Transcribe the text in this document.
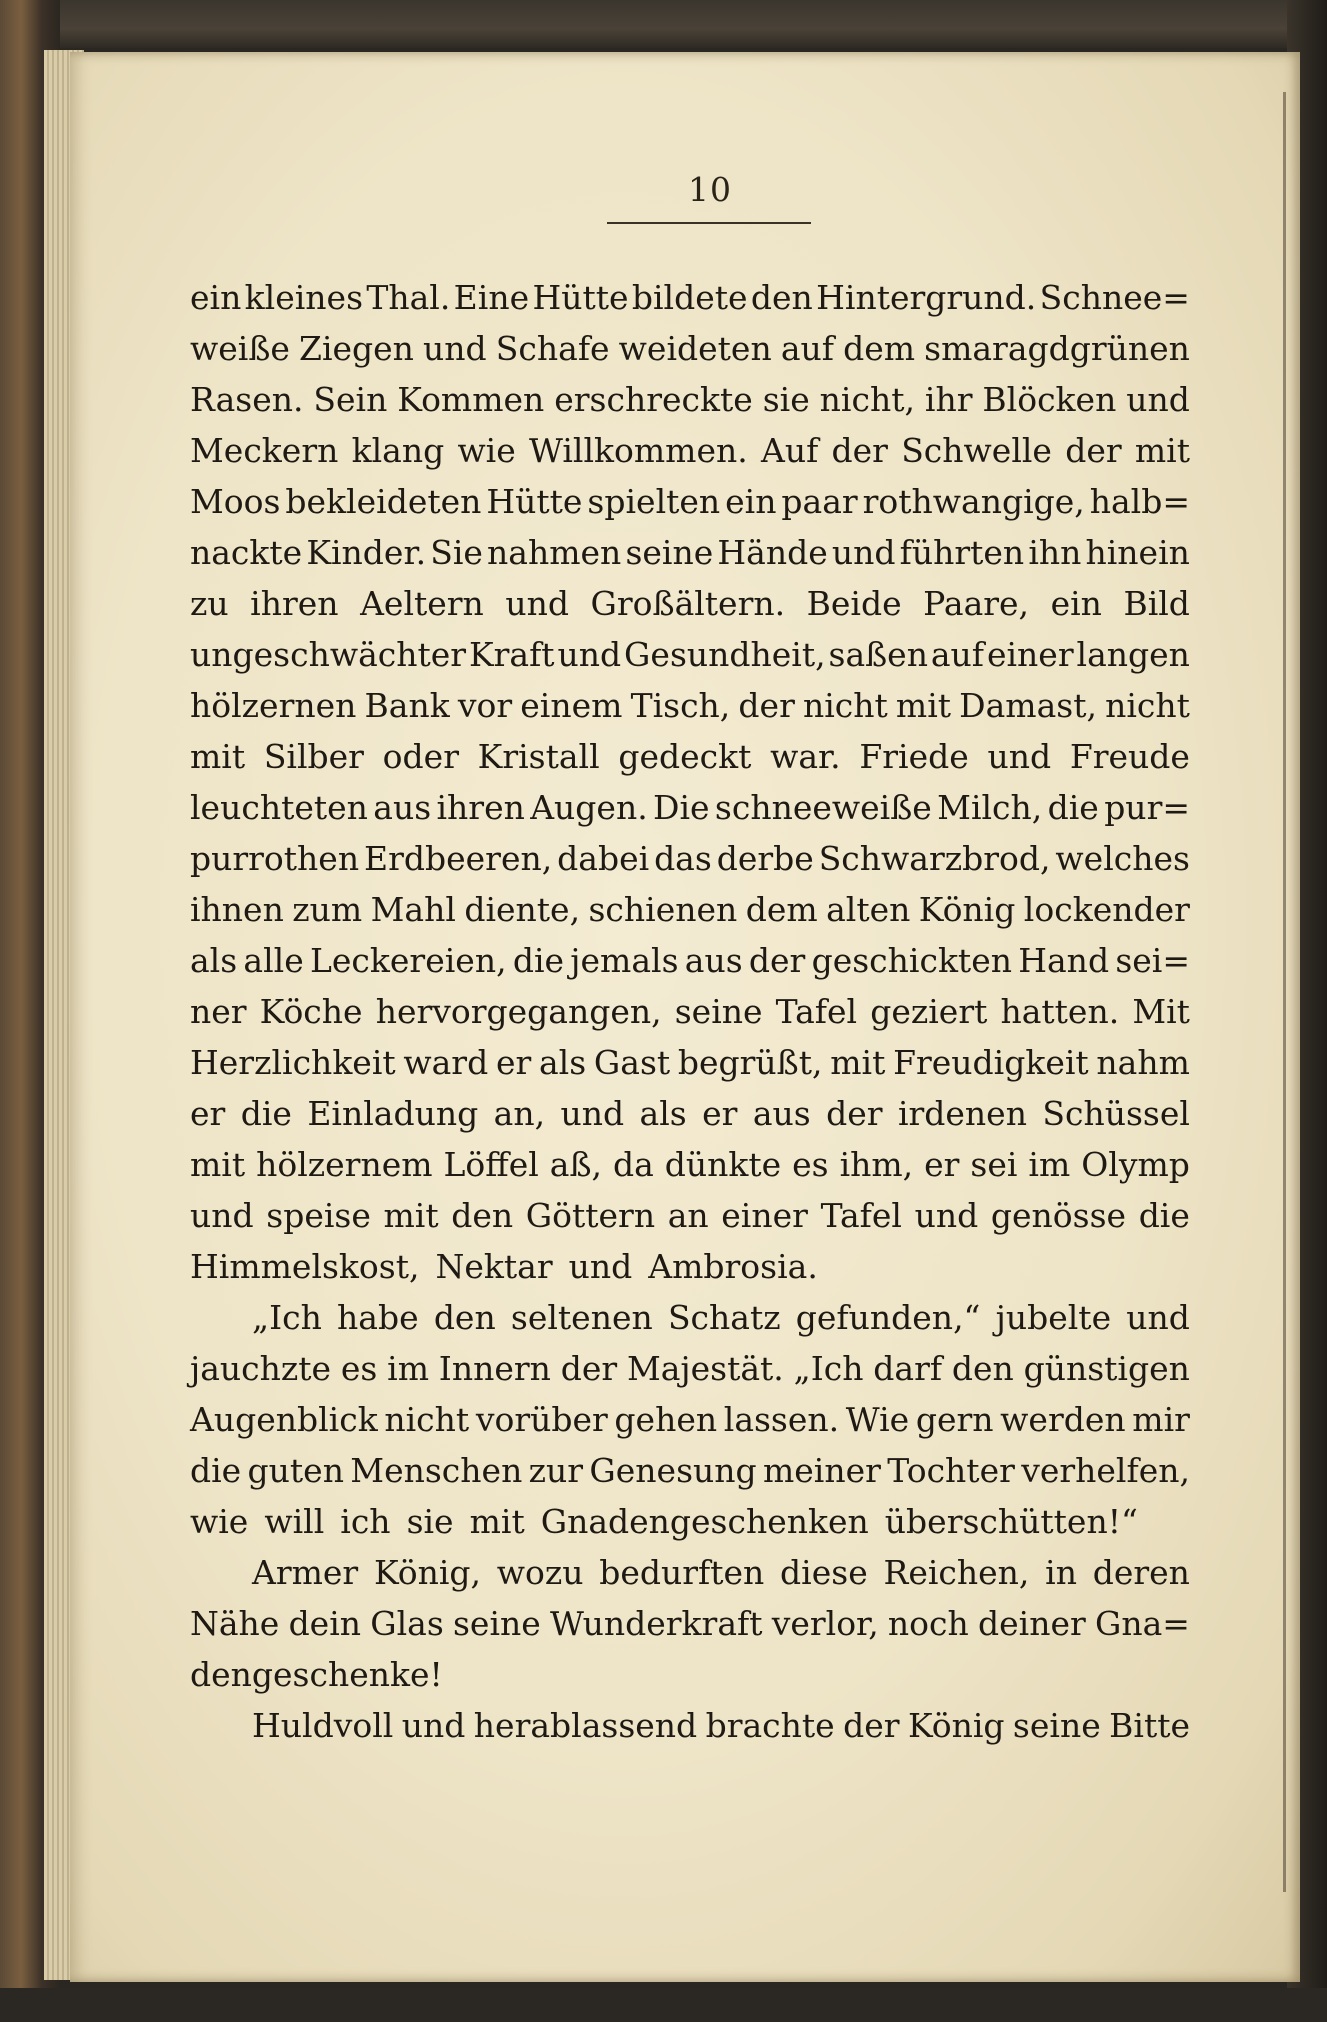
10
ein kleines Thal. Eine Hütte bildete den Hintergrund. Schnee=
weiße Ziegen und Schafe weideten auf dem smaragdgrünen
Rasen. Sein Kommen erschreckte sie nicht, ihr Blöcken und
Meckern klang wie Willkommen. Auf der Schwelle der mit
Moos bekleideten Hütte spielten ein paar rothwangige, halb=
nackte Kinder. Sie nahmen seine Hände und führten ihn hinein
zu ihren Aeltern und Großältern. Beide Paare, ein Bild
ungeschwächter Kraft und Gesundheit, saßen auf einer langen
hölzernen Bank vor einem Tisch, der nicht mit Damast, nicht
mit Silber oder Kristall gedeckt war. Friede und Freude
leuchteten aus ihren Augen. Die schneeweiße Milch, die pur=
purrothen Erdbeeren, dabei das derbe Schwarzbrod, welches
ihnen zum Mahl diente, schienen dem alten König lockender
als alle Leckereien, die jemals aus der geschickten Hand sei=
ner Köche hervorgegangen, seine Tafel geziert hatten. Mit
Herzlichkeit ward er als Gast begrüßt, mit Freudigkeit nahm
er die Einladung an, und als er aus der irdenen Schüssel
mit hölzernem Löffel aß, da dünkte es ihm, er sei im Olymp
und speise mit den Göttern an einer Tafel und genösse die
Himmelskost, Nektar und Ambrosia.
„Ich habe den seltenen Schatz gefunden,“ jubelte und
jauchzte es im Innern der Majestät. „Ich darf den günstigen
Augenblick nicht vorüber gehen lassen. Wie gern werden mir
die guten Menschen zur Genesung meiner Tochter verhelfen,
wie will ich sie mit Gnadengeschenken überschütten!“
Armer König, wozu bedurften diese Reichen, in deren
Nähe dein Glas seine Wunderkraft verlor, noch deiner Gna=
dengeschenke!
Huldvoll und herablassend brachte der König seine Bitte
